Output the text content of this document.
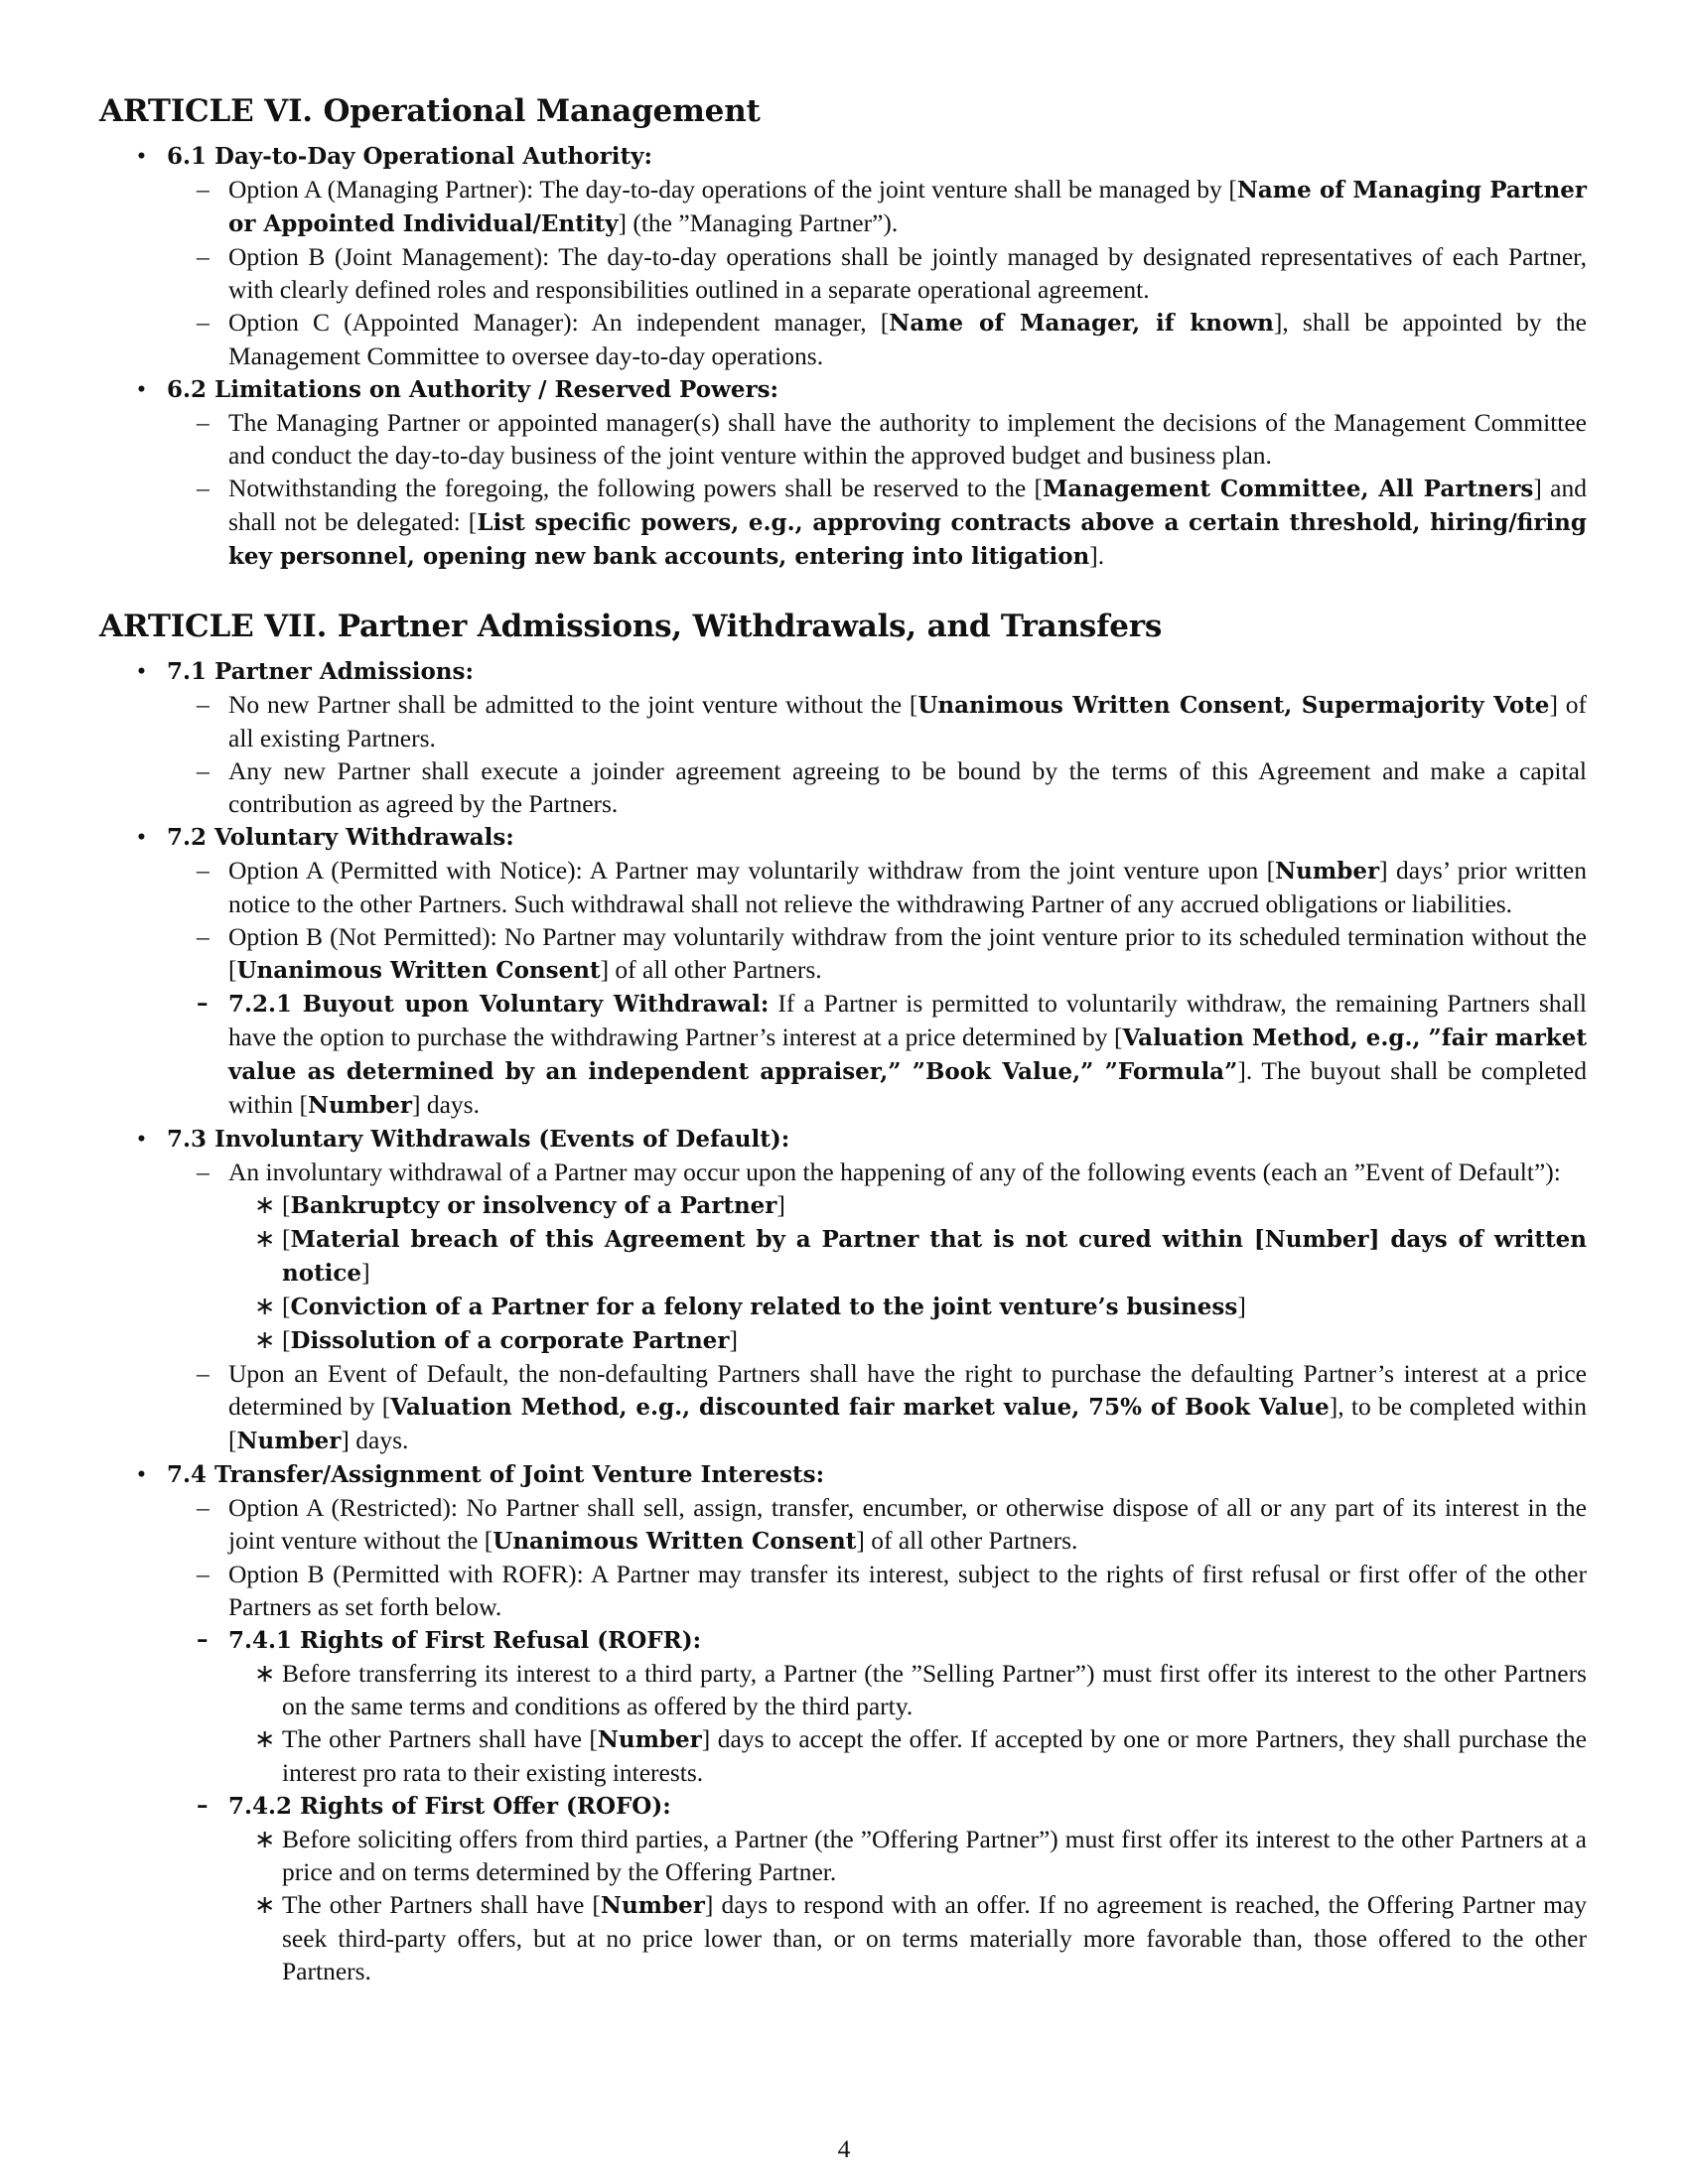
ARTICLE VI. Operational Management
• 6.1 Day-to-Day Operational Authority:
– Option A (Managing Partner): The day-to-day operations of the joint venture shall be managed by [Name of Managing Partner or Appointed Individual/Entity] (the ”Managing Partner”).
– Option B (Joint Management): The day-to-day operations shall be jointly managed by designated representatives of each Partner, with clearly defined roles and responsibilities outlined in a separate operational agreement.
– Option C (Appointed Manager): An independent manager, [Name of Manager, if known], shall be appointed by the Management Committee to oversee day-to-day operations.
• 6.2 Limitations on Authority / Reserved Powers:
– The Managing Partner or appointed manager(s) shall have the authority to implement the decisions of the Management Committee and conduct the day-to-day business of the joint venture within the approved budget and business plan.
– Notwithstanding the foregoing, the following powers shall be reserved to the [Management Committee, All Partners] and shall not be delegated: [List specific powers, e.g., approving contracts above a certain threshold, hiring/firing key personnel, opening new bank accounts, entering into litigation].
ARTICLE VII. Partner Admissions, Withdrawals, and Transfers
• 7.1 Partner Admissions:
– No new Partner shall be admitted to the joint venture without the [Unanimous Written Consent, Supermajority Vote] of all existing Partners.
– Any new Partner shall execute a joinder agreement agreeing to be bound by the terms of this Agreement and make a capital contribution as agreed by the Partners.
• 7.2 Voluntary Withdrawals:
– Option A (Permitted with Notice): A Partner may voluntarily withdraw from the joint venture upon [Number] days’ prior written notice to the other Partners. Such withdrawal shall not relieve the withdrawing Partner of any accrued obligations or liabilities.
– Option B (Not Permitted): No Partner may voluntarily withdraw from the joint venture prior to its scheduled termination without the [Unanimous Written Consent] of all other Partners.
– 7.2.1 Buyout upon Voluntary Withdrawal: If a Partner is permitted to voluntarily withdraw, the remaining Partners shall have the option to purchase the withdrawing Partner’s interest at a price determined by [Valuation Method, e.g., ”fair market value as determined by an independent appraiser,” ”Book Value,” ”Formula”]. The buyout shall be completed within [Number] days.
• 7.3 Involuntary Withdrawals (Events of Default):
– An involuntary withdrawal of a Partner may occur upon the happening of any of the following events (each an ”Event of Default”):
∗ [Bankruptcy or insolvency of a Partner]
∗ [Material breach of this Agreement by a Partner that is not cured within [Number] days of written notice]
∗ [Conviction of a Partner for a felony related to the joint venture’s business]
∗ [Dissolution of a corporate Partner]
– Upon an Event of Default, the non-defaulting Partners shall have the right to purchase the defaulting Partner’s interest at a price determined by [Valuation Method, e.g., discounted fair market value, 75% of Book Value], to be completed within [Number] days.
• 7.4 Transfer/Assignment of Joint Venture Interests:
– Option A (Restricted): No Partner shall sell, assign, transfer, encumber, or otherwise dispose of all or any part of its interest in the joint venture without the [Unanimous Written Consent] of all other Partners.
– Option B (Permitted with ROFR): A Partner may transfer its interest, subject to the rights of first refusal or first offer of the other Partners as set forth below.
– 7.4.1 Rights of First Refusal (ROFR):
∗ Before transferring its interest to a third party, a Partner (the ”Selling Partner”) must first offer its interest to the other Partners on the same terms and conditions as offered by the third party.
∗ The other Partners shall have [Number] days to accept the offer. If accepted by one or more Partners, they shall purchase the interest pro rata to their existing interests.
– 7.4.2 Rights of First Offer (ROFO):
∗ Before soliciting offers from third parties, a Partner (the ”Offering Partner”) must first offer its interest to the other Partners at a price and on terms determined by the Offering Partner.
∗ The other Partners shall have [Number] days to respond with an offer. If no agreement is reached, the Offering Partner may seek third-party offers, but at no price lower than, or on terms materially more favorable than, those offered to the other Partners.
4
